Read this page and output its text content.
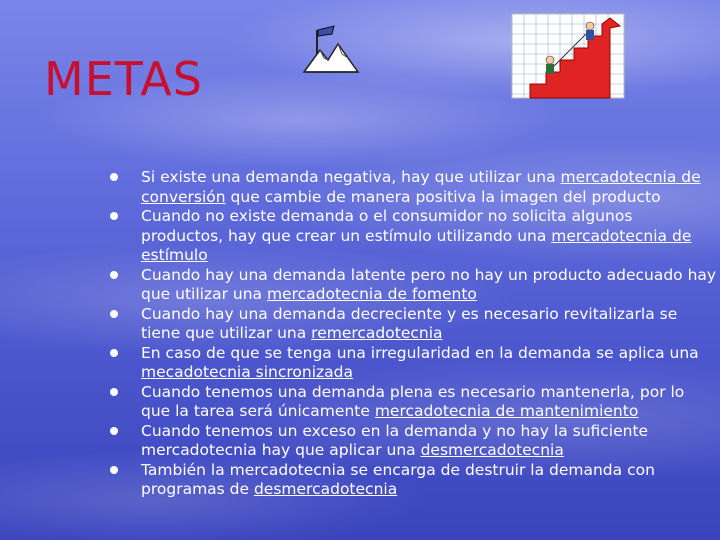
METAS
Si existe una demanda negativa, hay que utilizar una mercadotecnia de conversión que cambie de manera positiva la imagen del producto
Cuando no existe demanda o el consumidor no solicita algunos productos, hay que crear un estímulo utilizando una mercadotecnia de estímulo
Cuando hay una demanda latente pero no hay un producto adecuado hay que utilizar una mercadotecnia de fomento
Cuando hay una demanda decreciente y es necesario revitalizarla se tiene que utilizar una remercadotecnia
En caso de que se tenga una irregularidad en la demanda se aplica una mecadotecnia sincronizada
Cuando tenemos una demanda plena es necesario mantenerla, por lo que la tarea será únicamente mercadotecnia de mantenimiento
Cuando tenemos un exceso en la demanda y no hay la suficiente mercadotecnia hay que aplicar una desmercadotecnia
También la mercadotecnia se encarga de destruir la demanda con programas de desmercadotecnia
